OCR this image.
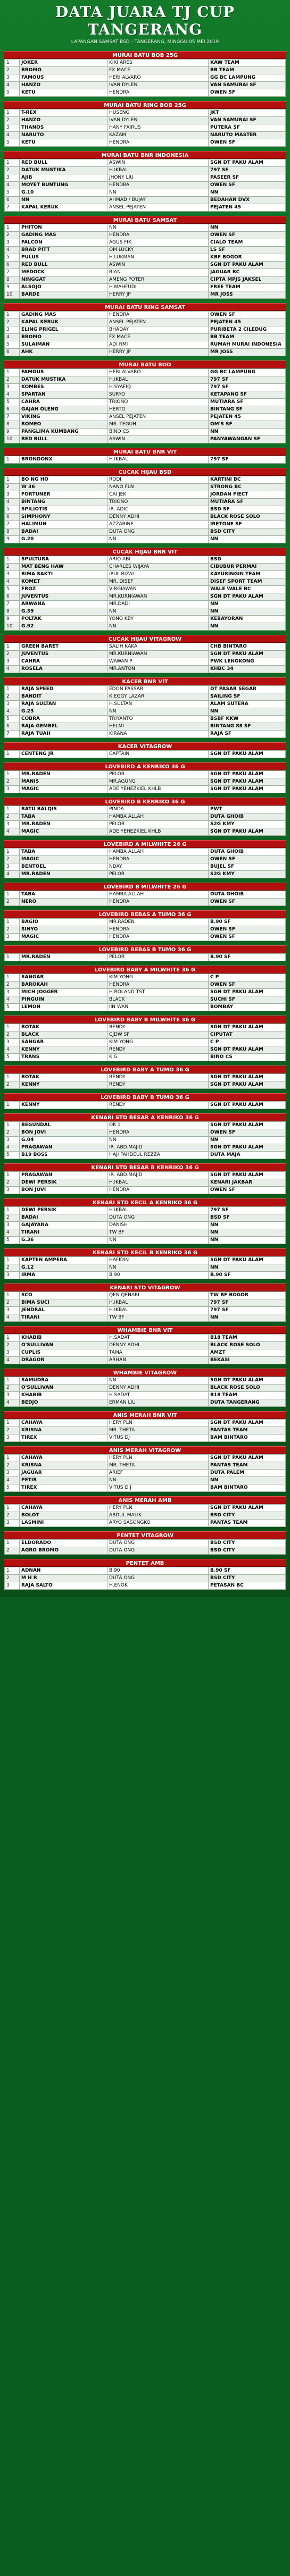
DATA JUARA TJ CUP TANGERANG
LAPANGAN SAMSAT BSD - TANGERANG, MINGGU 05 MEI 2019
MURAI BATU BOB 25G
1	JOKER	KIKI ARES	KAW TEAM
2	BROMO	FX MACE	BB TEAM
3	FAMOUS	HERI ALVARO	GG BC LAMPUNG
4	HANZO	IVAN DYLEN	VAN SAMURAI SF
5	KETU	HENDRA	OWEN SF
MURAI BATU RING BOB 25G
1	T-REX	HUSENG	JKT
2	HANZO	IVAN DYLEN	VAN SAMURAI SF
3	THANOS	HANY FAIRUS	PUTERA SF
4	NARUTO	KAZAM	NARUTO MASTER
5	KETU	HENDRA	OWEN SF
MURAI BATU BNR INDONESIA
1	RED BULL	ASWIN	SGN DT PAKU ALAM
2	DATUK MUSTIKA	H.IKBAL	797 SF
3	AJIB	JHONY LIU	PASEER SF
4	MOYET BUNTUNG	HENDRA	OWEN SF
5	G.10	NN	NN
6	NN	AHMAD / BUJAY	BEDAHAN DVX
7	KAPAL KERUK	ANSEL PEJATEN	PEJATEN 45
MURAI BATU SAMSAT
1	PHITON	NN	NN
2	GADING MAS	HENDRA	OWEN SF
3	FALCON	AGUS FIK	CIALO TEAM
4	BRAD PITT	OM LUCKY	LS SF
5	PULUS	H.LUKMAN	KBF BOGOR
6	RED BULL	ASWIN	SGN DT PAKU ALAM
7	MEDOCK	RIAN	JAGUAR BC
8	NINGGAT	AMENG POTER	CIPTA MPJS JAKSEL
9	ALSOJO	H.MAHFUDI	FREE TEAM
10	BARDE	HERRY JP	MR JOSS
MURAI BATU RING SAMSAT
1	GADING MAS	HENDRA	OWEN SF
2	KAPAL KERUK	ANSEL PEJATEN	PEJATEN 45
3	ELING PRIGEL	BHADAY	PURIBETA 2 CILEDUG
4	BROMO	FX MACE	BB TEAM
5	SULAIMAN	ADI RMI	RUMAH MURAI INDONESIA
6	AHK	HERRY JP	MR JOSS
MURAI BATU BOD
1	FAMOUS	HERI ALVARO	GG BC LAMPUNG
2	DATUK MUSTIKA	H.IKBAL	797 SF
3	KOMBES	H.SYAFIQ	797 SF
4	SPARTAN	SURYO	KETAPANG SF
5	CAHRA	TRIONO	MUTIARA SF
6	GAJAH OLENG	HERTO	BINTANG SF
7	VIKING	ANSEL PEJATEN	PEJATEN 45
8	ROMEO	MR. TEGUH	OM'S SF
9	PANGLIMA KUMBANG	BINO CS	NN
10	RED BULL	ASWIN	PANYAWANGAN SF
MURAI BATU BNR VIT
1	BRONDONX	H.IKBAL	797 SF
CUCAK HIJAU BSD
1	BO NG HO	RODI	KARTINI BC
2	W 36	NANO FLN	STRONG BC
3	FORTUNER	CAI JEK	JORDAN FIECT
4	BINTANG	TRIONO	MUTIARA SF
5	SPILIOTIS	IR. ADIC	BSD SF
6	SIMPHONY	DENNY ADHI	BLACK ROSE SOLO
7	HALIMUN	AZZARINE	IRETONE SF
8	BADAI	DUTA ONG	BSD CITY
9	G.20	NN	NN
CUCAK HIJAU BNR VIT
1	SPULTURA	ARIO ABI	BSD
2	MAT BENG HAW	CHARLES WIJAYA	CIBUBUR PERMAI
3	BIMA SAKTI	IPUL RIZAL	KAYURINGIN TEAM
4	KOMET	MR. DISEF	DISEF SPORT TEAM
5	FROZ	VIRGIAWAN	WALE WALE BC
6	JUVENTUS	MR.KURNIAWAN	SGN DT PAKU ALAM
7	ARWANA	MR.DADI	NN
8	G.39	NN	NN
9	POLTAK	YONO KBY	KEBAYORAN
10	G.92	NN	NN
CUCAK HIJAU VITAGROW
1	GREEN BARET	SALIH KAKA	CHB BINTARO
2	JUVENTUS	MR.KURNIAWAN	SGN DT PAKU ALAM
3	CAHRA	WAWAN P	PWK LENGKONG
4	ROSELA	MR.ANTON	KHBC 34
KACER BNR VIT
1	RAJA SPEED	EDON PASSAR	DT PASAR SEGAR
2	BANDIT	K EGGY LAZAR	SAILING SF
3	RAJA SULTAN	H.SULTAN	ALAM SUTERA
4	G.23	NN	NN
5	COBRA	TRIYANTO	BSBF KKW
6	RAJA GEMBEL	HELMI	BINTANG 88 SF
7	RAJA TUAH	KIRANA	RAJA SF
KACER VITAGROW
1	CENTENG JR	CAPTAIN	SGN DT PAKU ALAM
LOVEBIRD A KENRIKO 36 G
1	MR.RADEN	PELOR	SGN DT PAKU ALAM
2	MANIS	MR.AGUNG	SGN DT PAKU ALAM
3	MAGIC	ADE YEHEZKIEL KHLB	SGN DT PAKU ALAM
LOVEBIRD B KENRIKO 36 G
1	RATU BALQIS	PINDA	PWT
2	TABA	HAMBA ALLAH	DUTA GHOIB
3	MR.RADEN	PELOR	S2G KMY
4	MAGIC	ADE YEHEZKIEL KHLB	SGN DT PAKU ALAM
LOVEBIRD A MILWHITE 26 G
1	TABA	HAMBA ALLAH	DUTA GHOIB
2	MAGIC	HENDRA	OWEN SF
3	BENTOEL	NDAY	BUJEL SF
4	MR.RADEN	PELOR	S2G KMY
LOVEBIRD B MILWHITE 26 G
1	TABA	HAMBA ALLAH	DUTA GHOIB
2	NERO	HENDRA	OWEN SF
LOVEBIRD BEBAS A TUMO 36 G
1	BAGIO	MR.RADEN	B.90 SF
2	SINYO	HENDRA	OWEN SF
3	MAGIC	HENDRA	OWEN SF
LOVEBIRD BEBAS B TUMO 36 G
1	MR.RADEN	PELOR	B.90 SF
LOVEBIRD BABY A MILWHITE 36 G
1	SANGAR	KIM YONG	C P
2	BAROKAH	HENDRA	OWEN SF
3	MICH JOGGER	H.ROLAND TST	SGN DT PAKU ALAM
4	PINGUIN	BLACK	SUCHI SF
5	LEMON	IIN WAN	BOMBAY
LOVEBIRD BABY B MILWHITE 36 G
1	BOTAK	RENDY	SGN DT PAKU ALAM
2	BLACK	CJDW SF	CIPUTAT
3	SANGAR	KIM YONG	C P
4	KENNY	RENDY	SGN DT PAKU ALAM
5	TRANS	K G	BINO CS
LOVEBIRD BABY A TUMO 36 G
1	BOTAK	RENDY	SGN DT PAKU ALAM
2	KENNY	RENDY	SGN DT PAKU ALAM
LOVEBIRD BABY B TUMO 36 G
1	KENNY	RENDY	SGN DT PAKU ALAM
KENARI STD BESAR A KENRIKO 36 G
1	BEGUNDAL	OK 1	SGN DT PAKU ALAM
2	BON JOVI	HENDRA	OWEN SF
3	G.04	NN	NN
4	PRAGAWAN	IR. ABD.MAJID	SGN DT PAKU ALAM
5	B19 BOSS	HAJI FAHDEUL REZZA	DUTA MAJA
KENARI STD BESAR B KENRIKO 36 G
1	PRAGAWAN	IR. ABD.MAJID	SGN DT PAKU ALAM
2	DEWI PERSIK	H.IKBAL	KENARI JAKBAR
3	BON JOVI	HENDRA	OWEN SF
KENARI STD KECIL A KENRIKO 36 G
1	DEWI PERSIK	H.IKBAL	797 SF
2	BADAI	DUTA ONG	BSD SF
3	GAJAYANA	DANISH	NN
4	TIRANI	TW BF	NN
5	G.36	NN	NN
KENARI STD KECIL B KENRIKO 36 G
1	KAPTEN AMPERA	HAFIDIN	SGN DT PAKU ALAM
2	G.12	NN	NN
3	IRMA	B.90	B.90 SF
KENARI STD VITAGROW
1	SCO	QEN QENARI	TW BF BOGOR
2	BIMA SUCI	H.IKBAL	797 SF
3	JENDRAL	H.IKBAL	797 SF
4	TIRANI	TW BF	NN
WHAMBIE BNR VIT
1	KHABIB	H.SADAT	B18 TEAM
2	O'SULLIVAN	DENNY ADHI	BLACK ROSE SOLO
3	CUPLIS	TAMA	AMZT
4	DRAGON	ARHAN	BEKASI
WHAMBIE VITAGROW
1	SAMUDRA	NN	SGN DT PAKU ALAM
2	O'SULLIVAN	DENNY ADHI	BLACK ROSE SOLO
3	KHABIB	H.SADAT	B18 TEAM
4	BEDJO	ERMAN LIU	DUTA TANGERANG
ANIS MERAH BNR VIT
1	CAHAYA	HERY PLN	SGN DT PAKU ALAM
2	KRISNA	MR. THETA	PANTAS TEAM
3	TIREX	VITUS DJ	BAM BINTARO
ANIS MERAH VITAGROW
1	CAHAYA	HERY PLN	SGN DT PAKU ALAM
2	KRISNA	MR. THETA	PANTAS TEAM
3	JAGUAR	ARIEF	DUTA PALEM
4	PETIR	NN	NN
5	TIREX	VITUS D J	BAM BINTARO
ANIS MERAH AMB
1	CAHAYA	HERY PLN	SGN DT PAKU ALAM
2	BOLOT	ABDUL MALIK	BSD CITY
3	LASMINI	ARYO SASONGKO	PANTAS TEAM
PENTET VITAGROW
1	ELDORADO	DUTA ONG	BSD CITY
2	AGRO BROMO	DUTA ONG	BSD CITY
PENTET AMB
1	ADNAN	B.90	B.90 SF
2	M H R	DUTA ONG	BSD CITY
3	RAJA SALTO	H.ENOK	PETASAN BC
